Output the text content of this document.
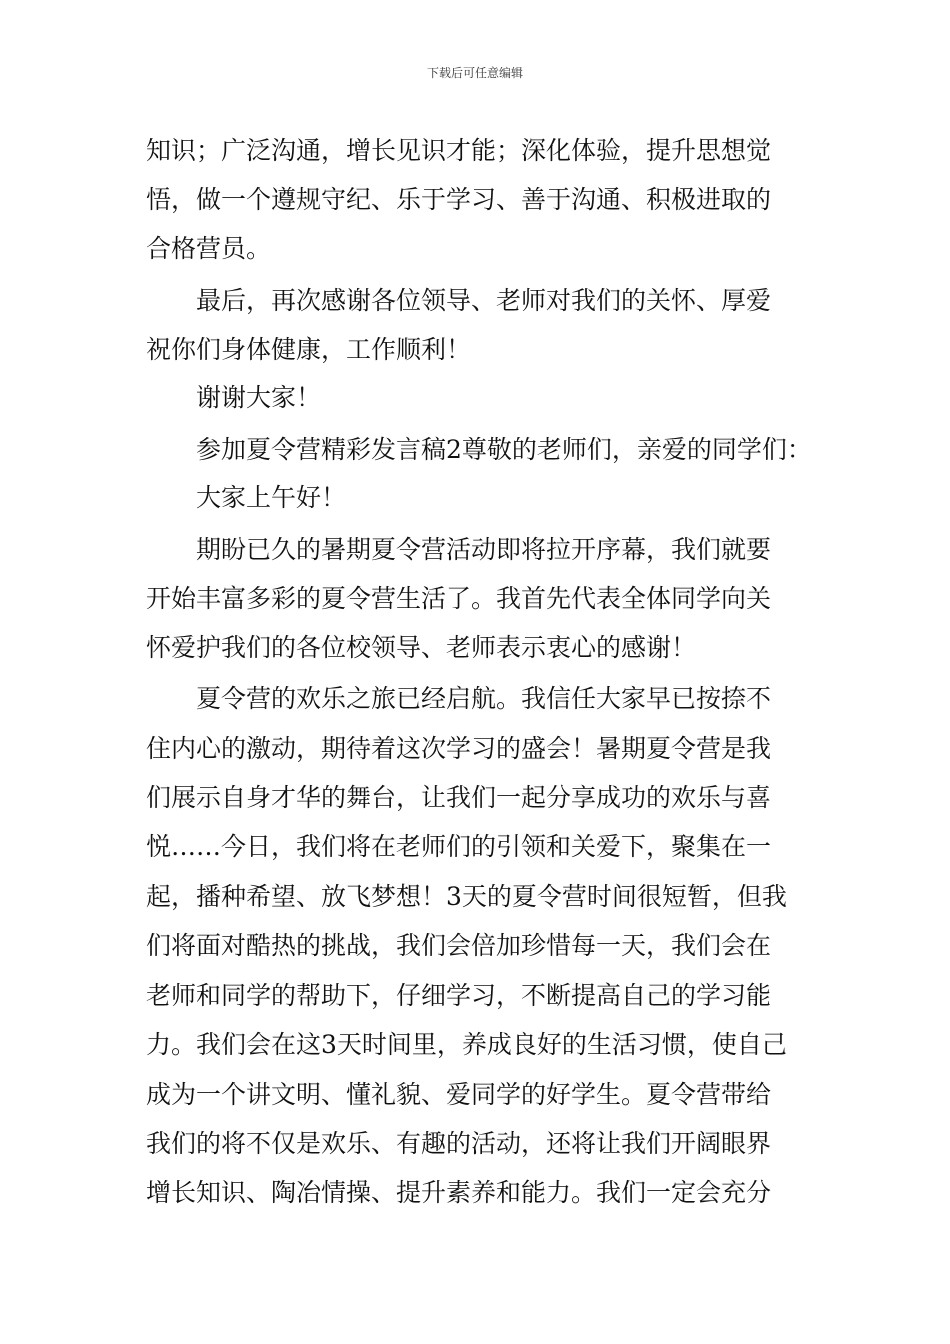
下载后可任意编辑
知识；广泛沟通，增长见识才能；深化体验，提升思想觉
悟，做一个遵规守纪、乐于学习、善于沟通、积极进取的
合格营员。
最后，再次感谢各位领导、老师对我们的关怀、厚爱
祝你们身体健康，工作顺利！
谢谢大家！
参加夏令营精彩发言稿2尊敬的老师们，亲爱的同学们：
大家上午好！
期盼已久的暑期夏令营活动即将拉开序幕，我们就要
开始丰富多彩的夏令营生活了。我首先代表全体同学向关
怀爱护我们的各位校领导、老师表示衷心的感谢！
夏令营的欢乐之旅已经启航。我信任大家早已按捺不
住内心的激动，期待着这次学习的盛会！暑期夏令营是我
们展示自身才华的舞台，让我们一起分享成功的欢乐与喜
悦……今日，我们将在老师们的引领和关爱下，聚集在一
起，播种希望、放飞梦想！3天的夏令营时间很短暂，但我
们将面对酷热的挑战，我们会倍加珍惜每一天，我们会在
老师和同学的帮助下，仔细学习，不断提高自己的学习能
力。我们会在这3天时间里，养成良好的生活习惯，使自己
成为一个讲文明、懂礼貌、爱同学的好学生。夏令营带给
我们的将不仅是欢乐、有趣的活动，还将让我们开阔眼界
增长知识、陶冶情操、提升素养和能力。我们一定会充分
